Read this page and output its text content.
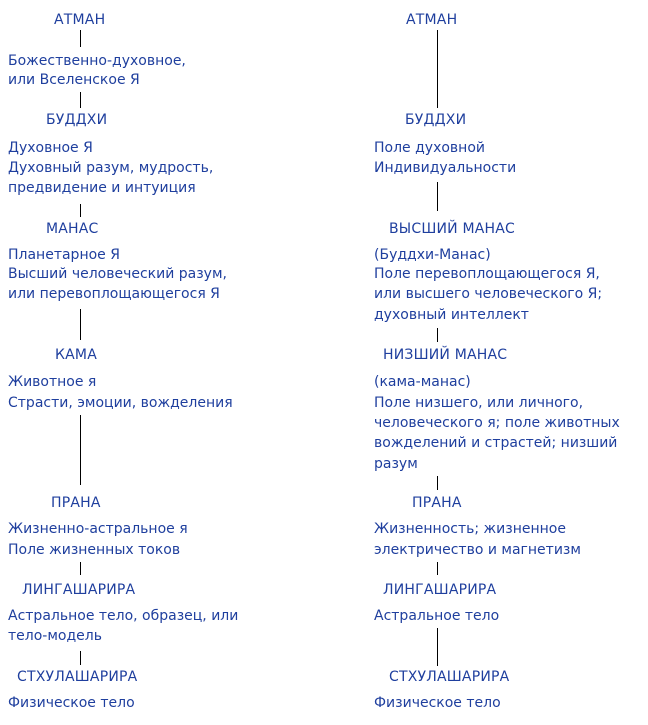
АТМАН
Божественно-духовное,
или Вселенское Я
БУДДХИ
Духовное Я
Духовный разум, мудрость,
предвидение и интуиция
МАНАС
Планетарное Я
Высший человеческий разум,
или перевоплощающегося Я
КАМА
Животное я
Страсти, эмоции, вожделения
ПРАНА
Жизненно-астральное я
Поле жизненных токов
ЛИНГАШАРИРА
Астральное тело, образец, или
тело-модель
СТХУЛАШАРИРА
Физическое тело
АТМАН
БУДДХИ
Поле духовной
Индивидуальности
ВЫСШИЙ МАНАС
(Буддхи-Манас)
Поле перевоплощающегося Я,
или высшего человеческого Я;
духовный интеллект
НИЗШИЙ МАНАС
(кама-манас)
Поле низшего, или личного,
человеческого я; поле животных
вожделений и страстей; низший
разум
ПРАНА
Жизненность; жизненное
электричество и магнетизм
ЛИНГАШАРИРА
Астральное тело
СТХУЛАШАРИРА
Физическое тело
